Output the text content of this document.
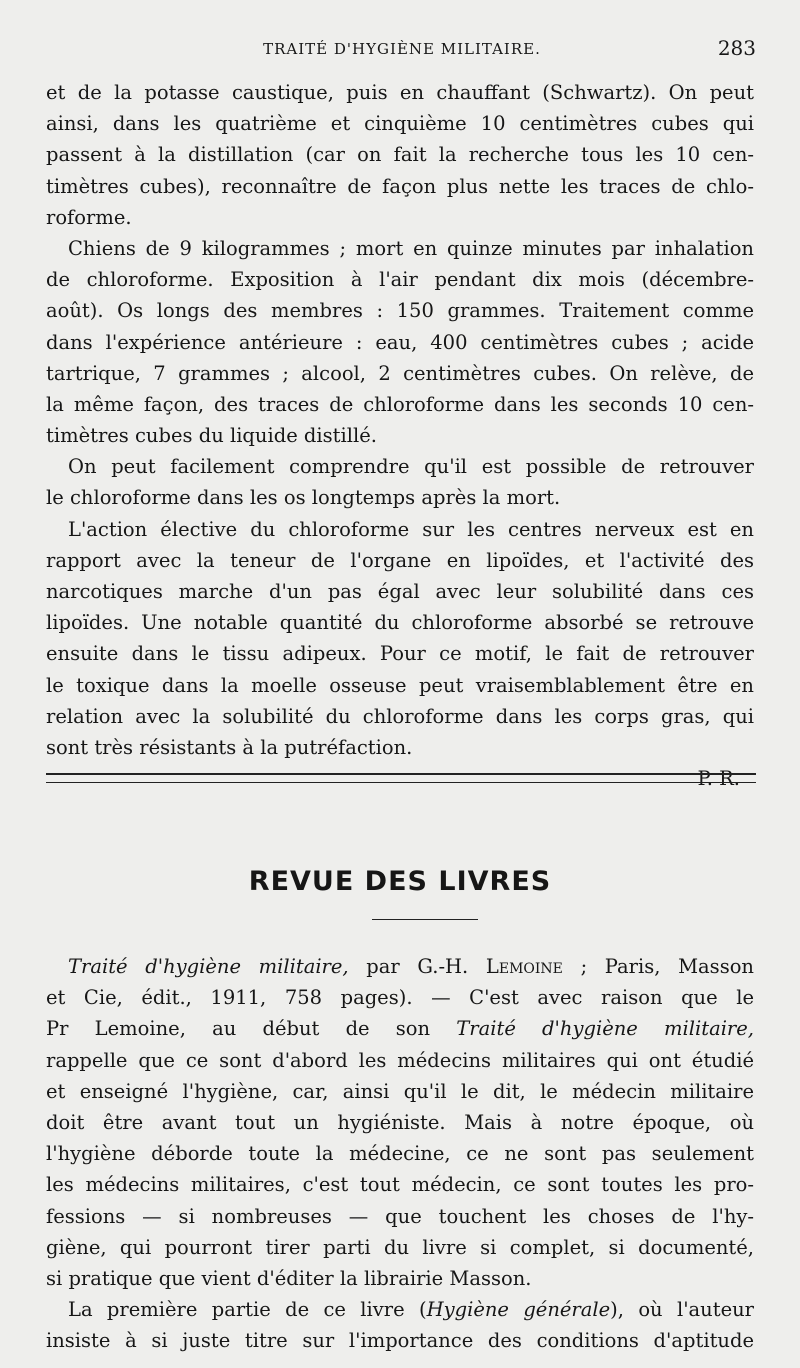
TRAITÉ D'HYGIÈNE MILITAIRE.	283
et de la potasse caustique, puis en chauffant (Schwartz). On peut
ainsi, dans les quatrième et cinquième 10 centimètres cubes qui
passent à la distillation (car on fait la recherche tous les 10 cen-
timètres cubes), reconnaître de façon plus nette les traces de chlo-
roforme.
Chiens de 9 kilogrammes ; mort en quinze minutes par inhalation
de chloroforme. Exposition à l'air pendant dix mois (décembre-
août). Os longs des membres : 150 grammes. Traitement comme
dans l'expérience antérieure : eau, 400 centimètres cubes ; acide
tartrique, 7 grammes ; alcool, 2 centimètres cubes. On relève, de
la même façon, des traces de chloroforme dans les seconds 10 cen-
timètres cubes du liquide distillé.
On peut facilement comprendre qu'il est possible de retrouver
le chloroforme dans les os longtemps après la mort.
L'action élective du chloroforme sur les centres nerveux est en
rapport avec la teneur de l'organe en lipoïdes, et l'activité des
narcotiques marche d'un pas égal avec leur solubilité dans ces
lipoïdes. Une notable quantité du chloroforme absorbé se retrouve
ensuite dans le tissu adipeux. Pour ce motif, le fait de retrouver
le toxique dans la moelle osseuse peut vraisemblablement être en
relation avec la solubilité du chloroforme dans les corps gras, qui
sont très résistants à la putréfaction.
P. R.
REVUE DES LIVRES
Traité d'hygiène militaire, par G.-H. Lemoine ; Paris, Masson
et Cie, édit., 1911, 758 pages). — C'est avec raison que le
Pr Lemoine, au début de son Traité d'hygiène militaire,
rappelle que ce sont d'abord les médecins militaires qui ont étudié
et enseigné l'hygiène, car, ainsi qu'il le dit, le médecin militaire
doit être avant tout un hygiéniste. Mais à notre époque, où
l'hygiène déborde toute la médecine, ce ne sont pas seulement
les médecins militaires, c'est tout médecin, ce sont toutes les pro-
fessions — si nombreuses — que touchent les choses de l'hy-
giène, qui pourront tirer parti du livre si complet, si documenté,
si pratique que vient d'éditer la librairie Masson.
La première partie de ce livre (Hygiène générale), où l'auteur
insiste à si juste titre sur l'importance des conditions d'aptitude
